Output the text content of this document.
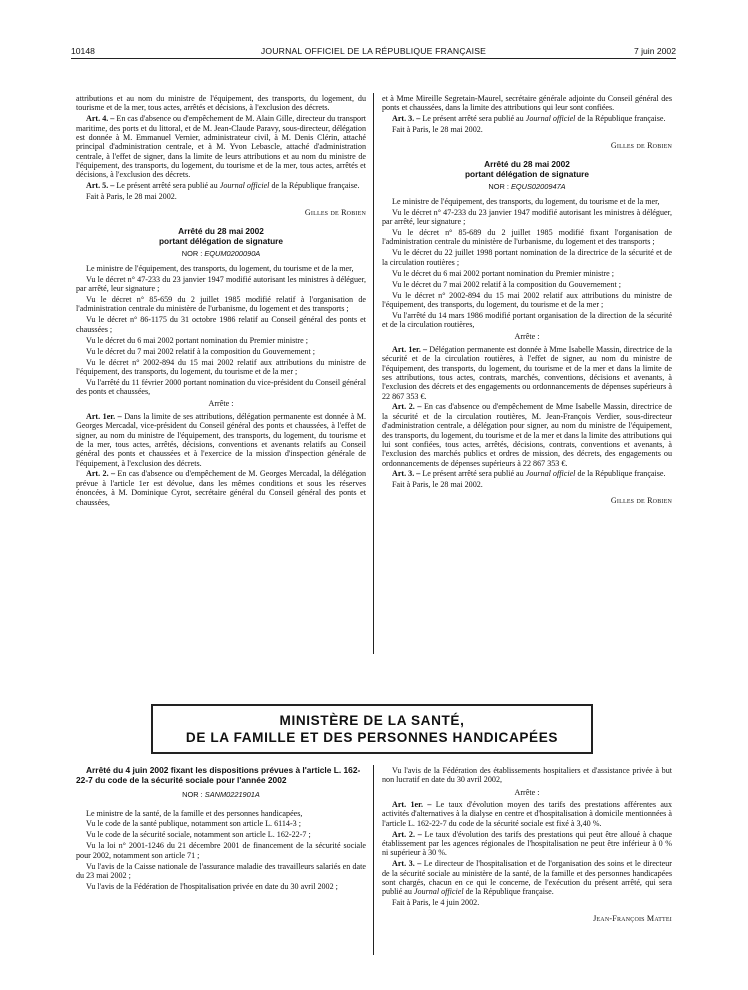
10148	JOURNAL OFFICIEL DE LA RÉPUBLIQUE FRANÇAISE	7 juin 2002

attributions et au nom du ministre de l'équipement, des transports, du logement, du tourisme et de la mer, tous actes, arrêtés et décisions, à l'exclusion des décrets.

Art. 4. – En cas d'absence ou d'empêchement de M. Alain Gille, directeur du transport maritime, des ports et du littoral, et de M. Jean-Claude Paravy, sous-directeur, délégation est donnée à M. Emmanuel Vernier, administrateur civil, à M. Denis Clérin, attaché principal d'administration centrale, et à M. Yvon Lebascle, attaché d'administration centrale, à l'effet de signer, dans la limite de leurs attributions et au nom du ministre de l'équipement, des transports, du logement, du tourisme et de la mer, tous actes, arrêtés et décisions, à l'exclusion des décrets.

Art. 5. – Le présent arrêté sera publié au Journal officiel de la République française.

Fait à Paris, le 28 mai 2002.

Gilles de Robien

Arrêté du 28 mai 2002
portant délégation de signature
NOR : EQUM0200090A

Le ministre de l'équipement, des transports, du logement, du tourisme et de la mer,

Vu le décret n° 47-233 du 23 janvier 1947 modifié autorisant les ministres à déléguer, par arrêté, leur signature ;

Vu le décret n° 85-659 du 2 juillet 1985 modifié relatif à l'organisation de l'administration centrale du ministère de l'urbanisme, du logement et des transports ;

Vu le décret n° 86-1175 du 31 octobre 1986 relatif au Conseil général des ponts et chaussées ;

Vu le décret du 6 mai 2002 portant nomination du Premier ministre ;

Vu le décret du 7 mai 2002 relatif à la composition du Gouvernement ;

Vu le décret n° 2002-894 du 15 mai 2002 relatif aux attributions du ministre de l'équipement, des transports, du logement, du tourisme et de la mer ;

Vu l'arrêté du 11 février 2000 portant nomination du vice-président du Conseil général des ponts et chaussées,

Arrête :

Art. 1er. – Dans la limite de ses attributions, délégation permanente est donnée à M. Georges Mercadal, vice-président du Conseil général des ponts et chaussées, à l'effet de signer, au nom du ministre de l'équipement, des transports, du logement, du tourisme et de la mer, tous actes, arrêtés, décisions, conventions et avenants relatifs au Conseil général des ponts et chaussées et à l'exercice de la mission d'inspection générale de l'équipement, à l'exclusion des décrets.

Art. 2. – En cas d'absence ou d'empêchement de M. Georges Mercadal, la délégation prévue à l'article 1er est dévolue, dans les mêmes conditions et sous les réserves énoncées, à M. Dominique Cyrot, secrétaire général du Conseil général des ponts et chaussées,

et à Mme Mireille Segretain-Maurel, secrétaire générale adjointe du Conseil général des ponts et chaussées, dans la limite des attributions qui leur sont confiées.

Art. 3. – Le présent arrêté sera publié au Journal officiel de la République française.

Fait à Paris, le 28 mai 2002.

Gilles de Robien

Arrêté du 28 mai 2002
portant délégation de signature
NOR : EQUS0200947A

Le ministre de l'équipement, des transports, du logement, du tourisme et de la mer,

Vu le décret n° 47-233 du 23 janvier 1947 modifié autorisant les ministres à déléguer, par arrêté, leur signature ;

Vu le décret n° 85-689 du 2 juillet 1985 modifié fixant l'organisation de l'administration centrale du ministère de l'urbanisme, du logement et des transports ;

Vu le décret du 22 juillet 1998 portant nomination de la directrice de la sécurité et de la circulation routières ;

Vu le décret du 6 mai 2002 portant nomination du Premier ministre ;

Vu le décret du 7 mai 2002 relatif à la composition du Gouvernement ;

Vu le décret n° 2002-894 du 15 mai 2002 relatif aux attributions du ministre de l'équipement, des transports, du logement, du tourisme et de la mer ;

Vu l'arrêté du 14 mars 1986 modifié portant organisation de la direction de la sécurité et de la circulation routières,

Arrête :

Art. 1er. – Délégation permanente est donnée à Mme Isabelle Massin, directrice de la sécurité et de la circulation routières, à l'effet de signer, au nom du ministre de l'équipement, des transports, du logement, du tourisme et de la mer et dans la limite de ses attributions, tous actes, contrats, marchés, conventions, décisions et avenants, à l'exclusion des décrets et des engagements ou ordonnancements de dépenses supérieurs à 22 867 353 €.

Art. 2. – En cas d'absence ou d'empêchement de Mme Isabelle Massin, directrice de la sécurité et de la circulation routières, M. Jean-François Verdier, sous-directeur d'administration centrale, a délégation pour signer, au nom du ministre de l'équipement, des transports, du logement, du tourisme et de la mer et dans la limite des attributions qui lui sont confiées, tous actes, arrêtés, décisions, contrats, conventions et avenants, à l'exclusion des marchés publics et ordres de mission, des décrets, des engagements ou ordonnancements de dépenses supérieurs à 22 867 353 €.

Art. 3. – Le présent arrêté sera publié au Journal officiel de la République française.

Fait à Paris, le 28 mai 2002.

Gilles de Robien

MINISTÈRE DE LA SANTÉ,
DE LA FAMILLE ET DES PERSONNES HANDICAPÉES

Arrêté du 4 juin 2002 fixant les dispositions prévues à l'article L. 162-22-7 du code de la sécurité sociale pour l'année 2002

NOR : SANM0221901A

Le ministre de la santé, de la famille et des personnes handicapées,

Vu le code de la santé publique, notamment son article L. 6114-3 ;

Vu le code de la sécurité sociale, notamment son article L. 162-22-7 ;

Vu la loi n° 2001-1246 du 21 décembre 2001 de financement de la sécurité sociale pour 2002, notamment son article 71 ;

Vu l'avis de la Caisse nationale de l'assurance maladie des travailleurs salariés en date du 23 mai 2002 ;

Vu l'avis de la Fédération de l'hospitalisation privée en date du 30 avril 2002 ;

Vu l'avis de la Fédération des établissements hospitaliers et d'assistance privée à but non lucratif en date du 30 avril 2002,

Arrête :

Art. 1er. – Le taux d'évolution moyen des tarifs des prestations afférentes aux activités d'alternatives à la dialyse en centre et d'hospitalisation à domicile mentionnées à l'article L. 162-22-7 du code de la sécurité sociale est fixé à 3,40 %.

Art. 2. – Le taux d'évolution des tarifs des prestations qui peut être alloué à chaque établissement par les agences régionales de l'hospitalisation ne peut être inférieur à 0 % ni supérieur à 30 %.

Art. 3. – Le directeur de l'hospitalisation et de l'organisation des soins et le directeur de la sécurité sociale au ministère de la santé, de la famille et des personnes handicapées sont chargés, chacun en ce qui le concerne, de l'exécution du présent arrêté, qui sera publié au Journal officiel de la République française.

Fait à Paris, le 4 juin 2002.

Jean-François Mattei
